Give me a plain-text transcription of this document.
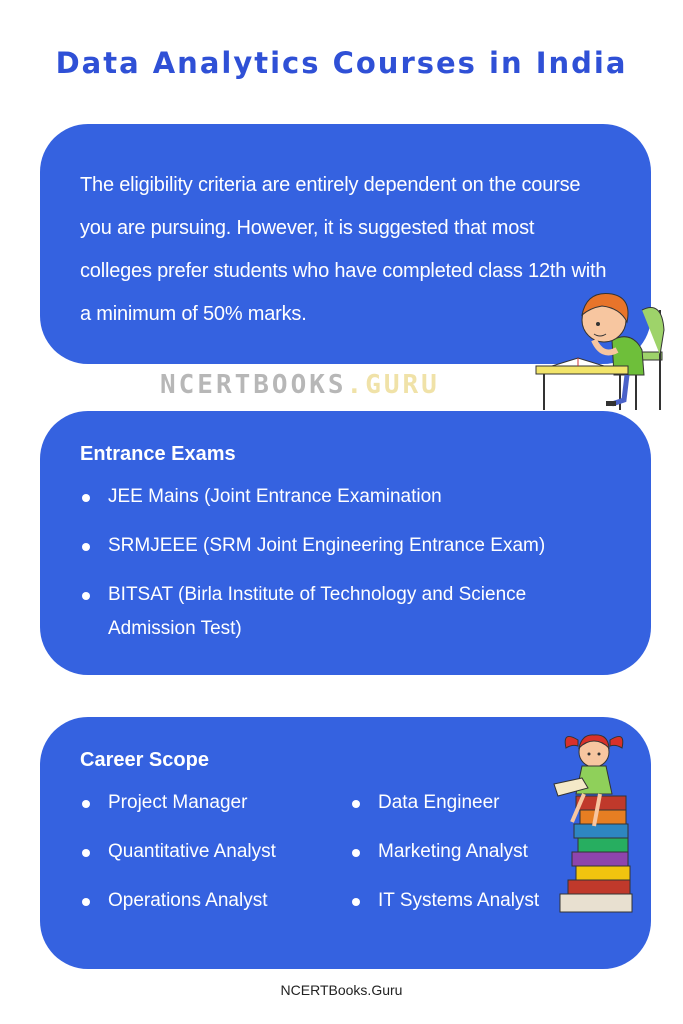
Data Analytics Courses in India

The eligibility criteria are entirely dependent on the course you are pursuing. However, it is suggested that most colleges prefer students who have completed class 12th with a minimum of 50% marks.

NCERTBOOKS.GURU
Entrance Exams
JEE Mains (Joint Entrance Examination
SRMJEEE (SRM Joint Engineering Entrance Exam)
BITSAT (Birla Institute of Technology and Science Admission Test)
Career Scope
Project Manager	Data Engineer
Quantitative Analyst	Marketing Analyst
Operations Analyst	IT Systems Analyst
NCERTBooks.Guru
